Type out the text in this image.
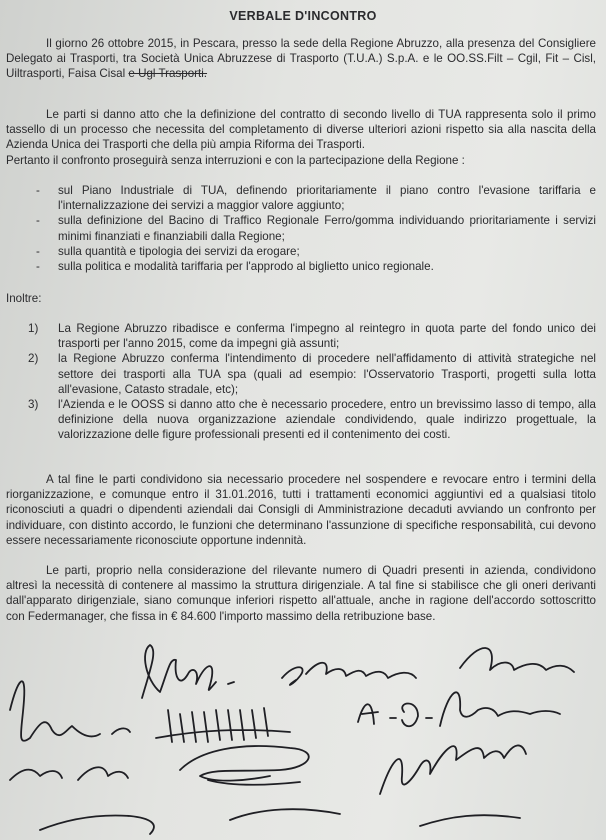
VERBALE D'INCONTRO

Il giorno 26 ottobre 2015, in Pescara, presso la sede della Regione Abruzzo, alla presenza del Consigliere Delegato ai Trasporti, tra Società Unica Abruzzese di Trasporto (T.U.A.) S.p.A. e le OO.SS.Filt – Cgil, Fit – Cisl, Uiltrasporti, Faisa Cisal e Ugl Trasporti.

Le parti si danno atto che la definizione del contratto di secondo livello di TUA rappresenta solo il primo tassello di un processo che necessita del completamento di diverse ulteriori azioni rispetto sia alla nascita della Azienda Unica dei Trasporti che della più ampia Riforma dei Trasporti.

Pertanto il confronto proseguirà senza interruzioni e con la partecipazione della Regione :

- sul Piano Industriale di TUA, definendo prioritariamente il piano contro l'evasione tariffaria e l'internalizzazione dei servizi a maggior valore aggiunto;
- sulla definizione del Bacino di Traffico Regionale Ferro/gomma individuando prioritariamente i servizi minimi finanziati e finanziabili dalla Regione;
- sulla quantità e tipologia dei servizi da erogare;
- sulla politica e modalità tariffaria per l'approdo al biglietto unico regionale.

Inoltre:

1) La Regione Abruzzo ribadisce e conferma l'impegno al reintegro in quota parte del fondo unico dei trasporti per l'anno 2015, come da impegni già assunti;
2) la Regione Abruzzo conferma l'intendimento di procedere nell'affidamento di attività strategiche nel settore dei trasporti alla TUA spa (quali ad esempio: l'Osservatorio Trasporti, progetti sulla lotta all'evasione, Catasto stradale, etc);
3) l'Azienda e le OOSS si danno atto che è necessario procedere, entro un brevissimo lasso di tempo, alla definizione della nuova organizzazione aziendale condividendo, quale indirizzo progettuale, la valorizzazione delle figure professionali presenti ed il contenimento dei costi.

A tal fine le parti condividono sia necessario procedere nel sospendere e revocare entro i termini della riorganizzazione, e comunque entro il 31.01.2016, tutti i trattamenti economici aggiuntivi ed a qualsiasi titolo riconosciuti a quadri o dipendenti aziendali dai Consigli di Amministrazione decaduti avviando un confronto per individuare, con distinto accordo, le funzioni che determinano l'assunzione di specifiche responsabilità, cui devono essere necessariamente riconosciute opportune indennità.

Le parti, proprio nella considerazione del rilevante numero di Quadri presenti in azienda, condividono altresì la necessità di contenere al massimo la struttura dirigenziale. A tal fine si stabilisce che gli oneri derivanti dall'apparato dirigenziale, siano comunque inferiori rispetto all'attuale, anche in ragione dell'accordo sottoscritto con Federmanager, che fissa in € 84.600 l'importo massimo della retribuzione base.
